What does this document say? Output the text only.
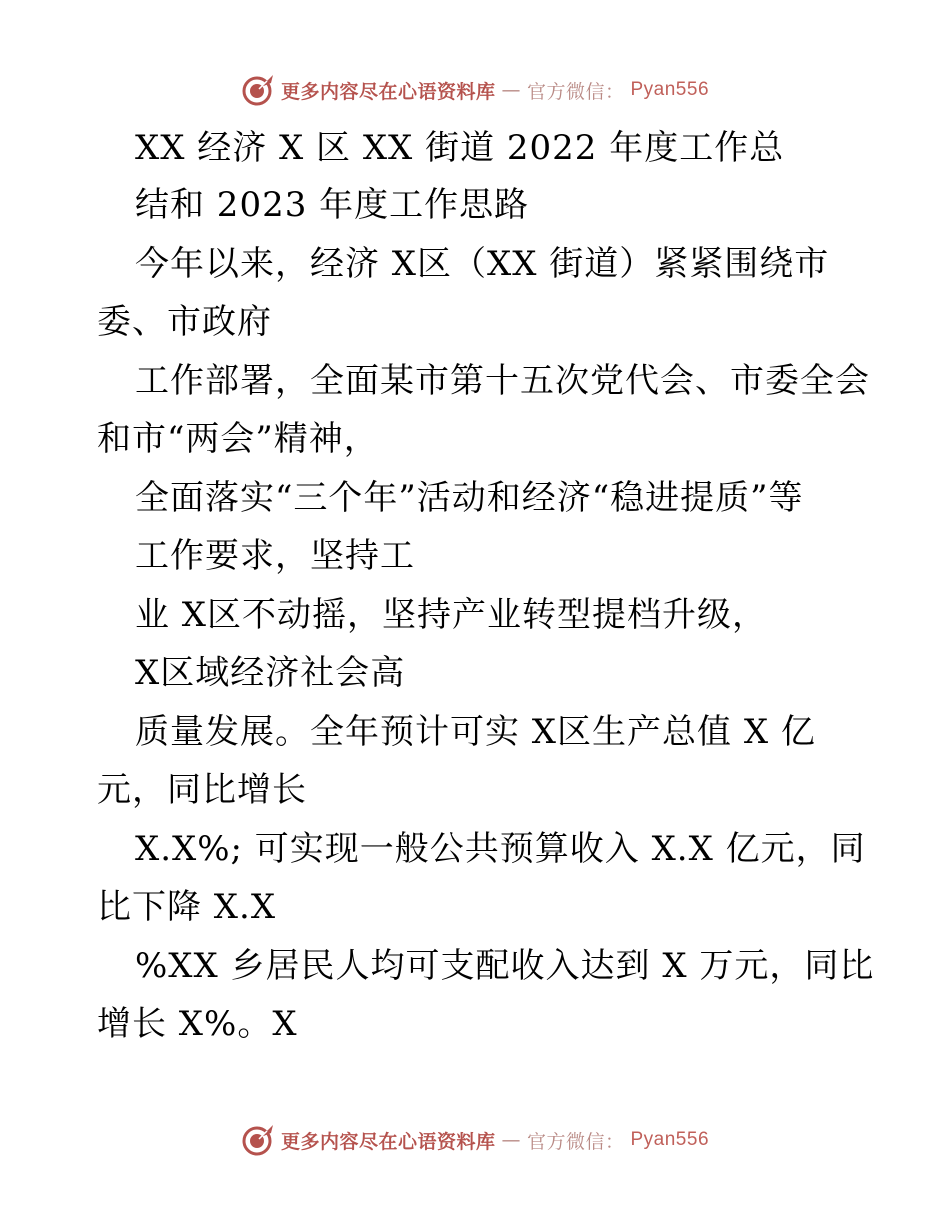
更多内容尽在心语资料库 — 官方微信： Pyan556
XX 经济 X 区 XX 街道 2022 年度工作总
结和 2023 年度工作思路
今年以来，经济 X区（XX 街道）紧紧围绕市
委、市政府
工作部署，全面某市第十五次党代会、市委全会
和市“两会”精神，
全面落实“三个年”活动和经济“稳进提质”等
工作要求，坚持工
业 X区不动摇，坚持产业转型提档升级，
X区域经济社会高
质量发展。全年预计可实 X区生产总值 X 亿
元，同比增长
X.X%; 可实现一般公共预算收入 X.X 亿元，同
比下降 X.X
%XX 乡居民人均可支配收入达到 X 万元，同比
增长 X%。X
更多内容尽在心语资料库 — 官方微信： Pyan556
